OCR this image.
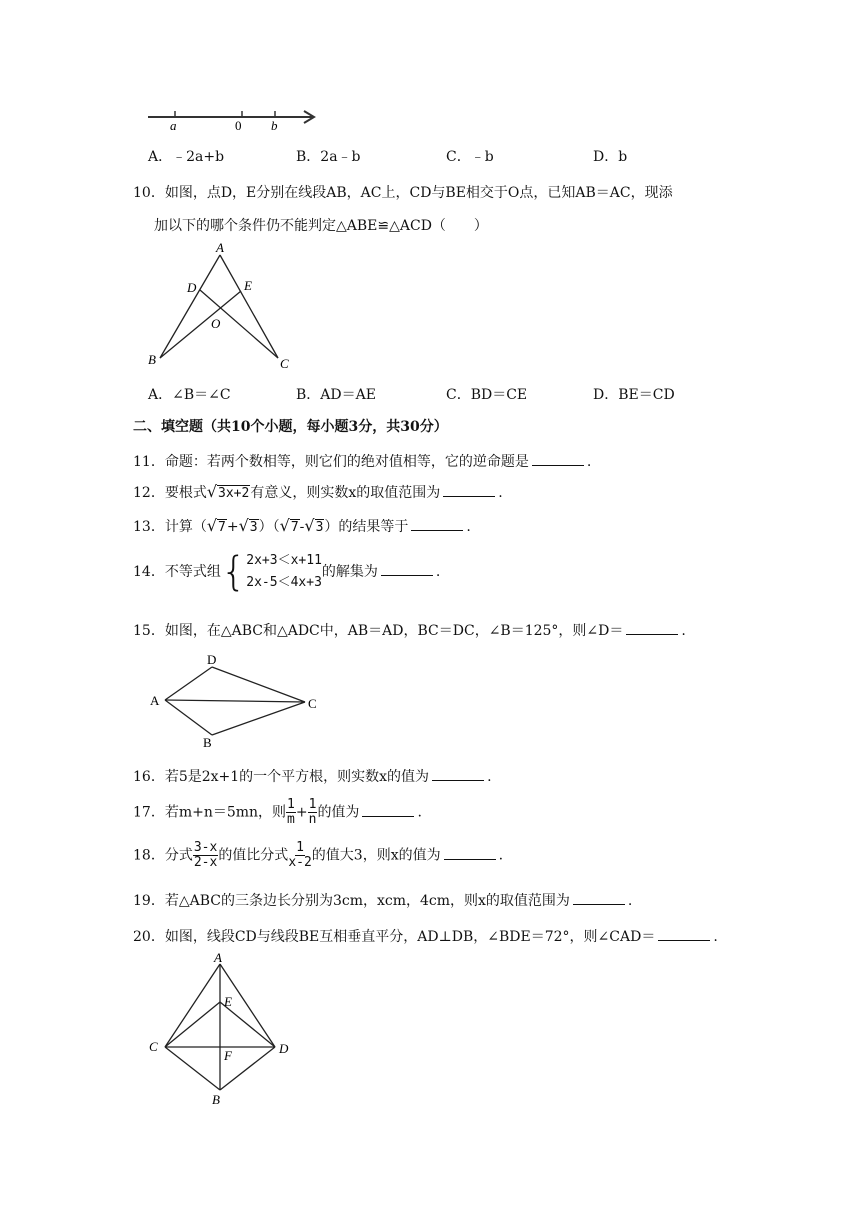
a	0 b
A．﹣2a+b	B．2a﹣b	C．﹣b	D．b
10．如图，点D，E分别在线段AB，AC上，CD与BE相交于O点，已知AB＝AC，现添
加以下的哪个条件仍不能判定△ABE≌△ACD（　　）
A
D	E
O
B	C
A．∠B＝∠C	B．AD＝AE	C．BD＝CE	D．BE＝CD
二、填空题（共10个小题，每小题3分，共30分）
11．命题：若两个数相等，则它们的绝对值相等，它的逆命题是	.
12．要根式√3x+2有意义，则实数x的取值范围为	.
13．计算（√7+√3）（√7-√3）的结果等于	.
14．不等式组 { 2x+3＜x+11
2x-5＜4x+3
的解集为	.
15．如图，在△ABC和△ADC中，AB＝AD，BC＝DC，∠B＝125°，则∠D＝	.
D
A	C
B
16．若5是2x+1的一个平方根，则实数x的值为	.
17．若m+n＝5mn，则 $\frac{1}{m} + \frac{1}{n}$ 的值为	.
18．分式 $\frac{3-x}{2-x}$ 的值比分式 $\frac{1}{x-2}$ 的值大3，则x的值为	.
19．若△ABC的三条边长分别为3cm，xcm，4cm，则x的取值范围为	.
20．如图，线段CD与线段BE互相垂直平分，AD⊥DB，∠BDE＝72°，则∠CAD＝	.
A
E
F
C	D
B
